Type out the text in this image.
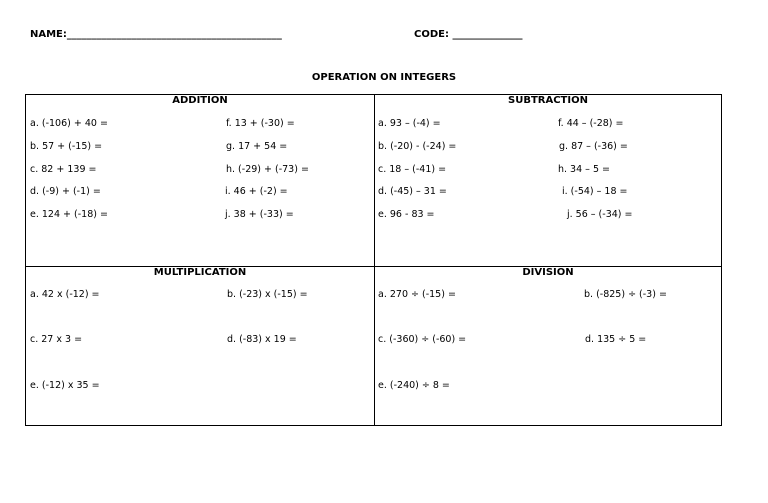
NAME:___________________________________________	CODE: ______________
OPERATION ON INTEGERS
ADDITION
a. (-106) + 40 =
b. 57 + (-15) =
c. 82 + 139 =
d. (-9) + (-1) =
e. 124 + (-18) =
f. 13 + (-30) =
g. 17 + 54 =
h. (-29) + (-73) =
i. 46 + (-2) =
j. 38 + (-33) =
SUBTRACTION
a. 93 – (-4) =
b. (-20) - (-24) =
c. 18 – (-41) =
d. (-45) – 31 =
e. 96 - 83 =
f. 44 – (-28) =
g. 87 – (-36) =
h. 34 – 5 =
i. (-54) – 18 =
j. 56 – (-34) =
MULTIPLICATION
a. 42 x (-12) =
c. 27 x 3 =
e. (-12) x 35 =
b. (-23) x (-15) =
d. (-83) x 19 =
DIVISION
a. 270 ÷ (-15) =
c. (-360) ÷ (-60) =
e. (-240) ÷ 8 =
b. (-825) ÷ (-3) =
d. 135 ÷ 5 =
